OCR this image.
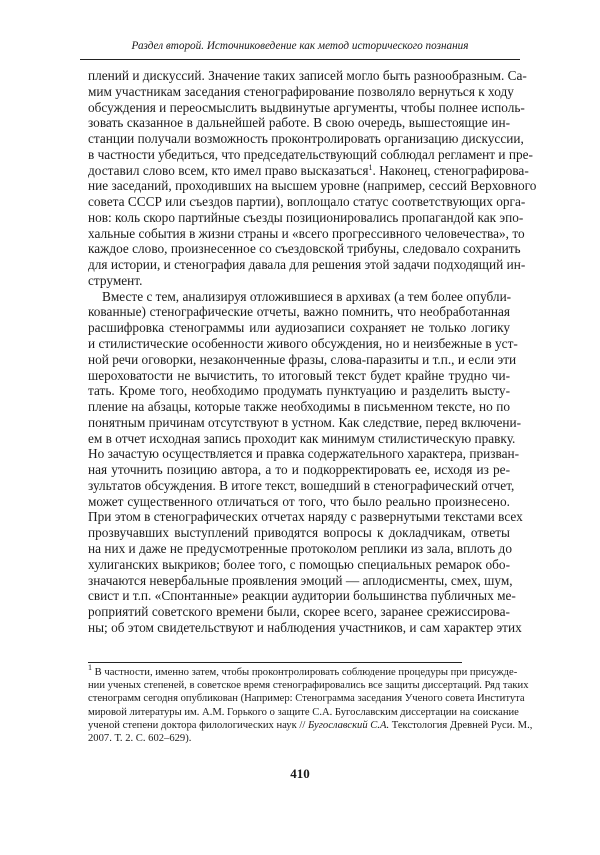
Раздел второй. Источниковедение как метод исторического познания
плений и дискуссий. Значение таких записей могло быть разнообразным. Са-
мим участникам заседания стенографирование позволяло вернуться к ходу
обсуждения и переосмыслить выдвинутые аргументы, чтобы полнее исполь-
зовать сказанное в дальнейшей работе. В свою очередь, вышестоящие ин-
станции получали возможность проконтролировать организацию дискуссии,
в частности убедиться, что председательствующий соблюдал регламент и пре-
доставил слово всем, кто имел право высказаться$^1$. Наконец, стенографирова-
ние заседаний, проходивших на высшем уровне (например, сессий Верховного
совета СССР или съездов партии), воплощало статус соответствующих орга-
нов: коль скоро партийные съезды позиционировались пропагандой как эпо-
хальные события в жизни страны и «всего прогрессивного человечества», то
каждое слово, произнесенное со съездовской трибуны, следовало сохранить
для истории, и стенография давала для решения этой задачи подходящий ин-
струмент.
Вместе с тем, анализируя отложившиеся в архивах (а тем более опубли-
кованные) стенографические отчеты, важно помнить, что необработанная
расшифровка стенограммы или аудиозаписи сохраняет не только логику
и стилистические особенности живого обсуждения, но и неизбежные в уст-
ной речи оговорки, незаконченные фразы, слова-паразиты и т.п., и если эти
шероховатости не вычистить, то итоговый текст будет крайне трудно чи-
тать. Кроме того, необходимо продумать пунктуацию и разделить высту-
пление на абзацы, которые также необходимы в письменном тексте, но по
понятным причинам отсутствуют в устном. Как следствие, перед включени-
ем в отчет исходная запись проходит как минимум стилистическую правку.
Но зачастую осуществляется и правка содержательного характера, призван-
ная уточнить позицию автора, а то и подкорректировать ее, исходя из ре-
зультатов обсуждения. В итоге текст, вошедший в стенографический отчет,
может существенного отличаться от того, что было реально произнесено.
При этом в стенографических отчетах наряду с развернутыми текстами всех
прозвучавших выступлений приводятся вопросы к докладчикам, ответы
на них и даже не предусмотренные протоколом реплики из зала, вплоть до
хулиганских выкриков; более того, с помощью специальных ремарок обо-
значаются невербальные проявления эмоций — аплодисменты, смех, шум,
свист и т.п. «Спонтанные» реакции аудитории большинства публичных ме-
роприятий советского времени были, скорее всего, заранее срежиссирова-
ны; об этом свидетельствуют и наблюдения участников, и сам характер этих
$^1$ В частности, именно затем, чтобы проконтролировать соблюдение процедуры при присужде-
нии ученых степеней, в советское время стенографировались все защиты диссертаций. Ряд таких
стенограмм сегодня опубликован (Например: Стенограмма заседания Ученого совета Института
мировой литературы им. А.М. Горького о защите С.А. Бугославским диссертации на соискание
ученой степени доктора филологических наук // Бугославский С.А. Текстология Древней Руси. М.,
2007. Т. 2. С. 602–629).
410
